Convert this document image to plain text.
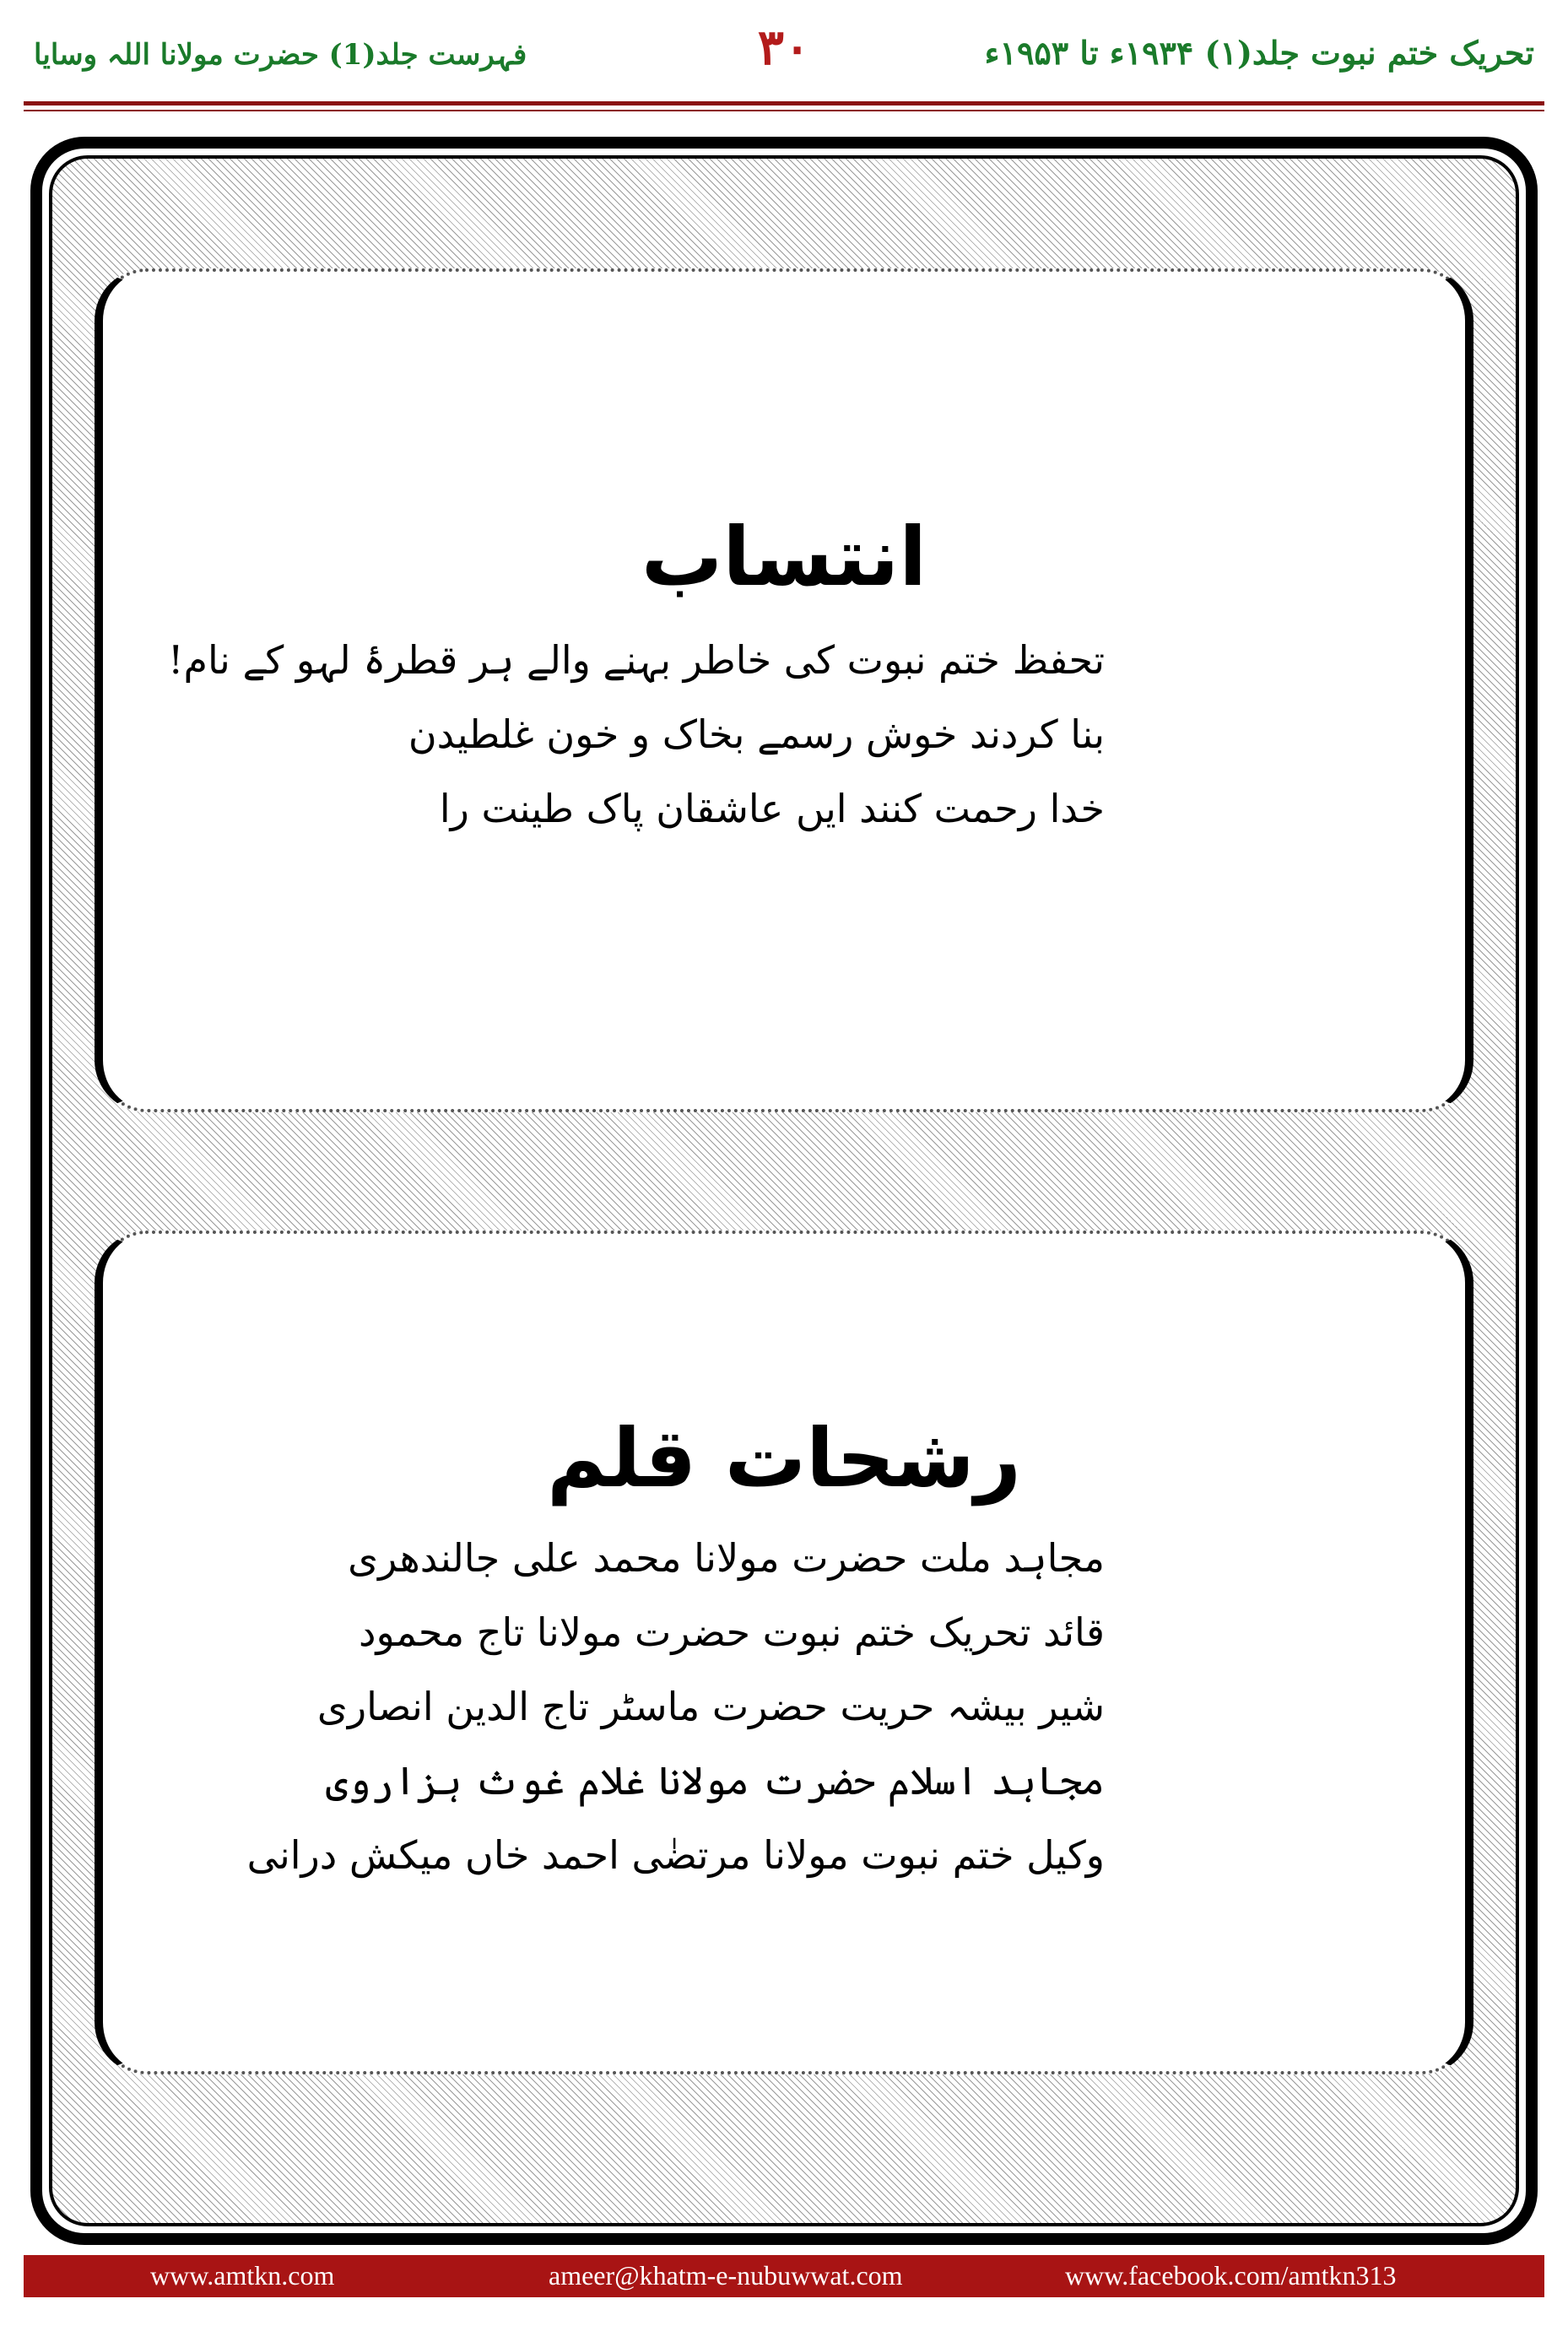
تحریک ختم نبوت جلد(۱) ۱۹۳۴ء تا ۱۹۵۳ء
۳۰
فہرست جلد(1) حضرت مولانا اللہ وسایا
انتساب
تحفظ ختم نبوت کی خاطر بہنے والے ہر قطرۂ لہو کے نام!
بنا کردند خوش رسمے بخاک و خون غلطیدن
خدا رحمت کنند ایں عاشقان پاک طینت را
رشحات قلم
مجاہد ملت حضرت مولانا محمد علی جالندھری
قائد تحریک ختم نبوت حضرت مولانا تاج محمود
شیر بیشہ حریت حضرت ماسٹر تاج الدین انصاری
مجاہد اسلام حضرت مولانا غلام غوث ہزاروی
وکیل ختم نبوت مولانا مرتضٰی احمد خاں میکش درانی
www.amtkn.com	ameer@khatm-e-nubuwwat.com	www.facebook.com/amtkn313
